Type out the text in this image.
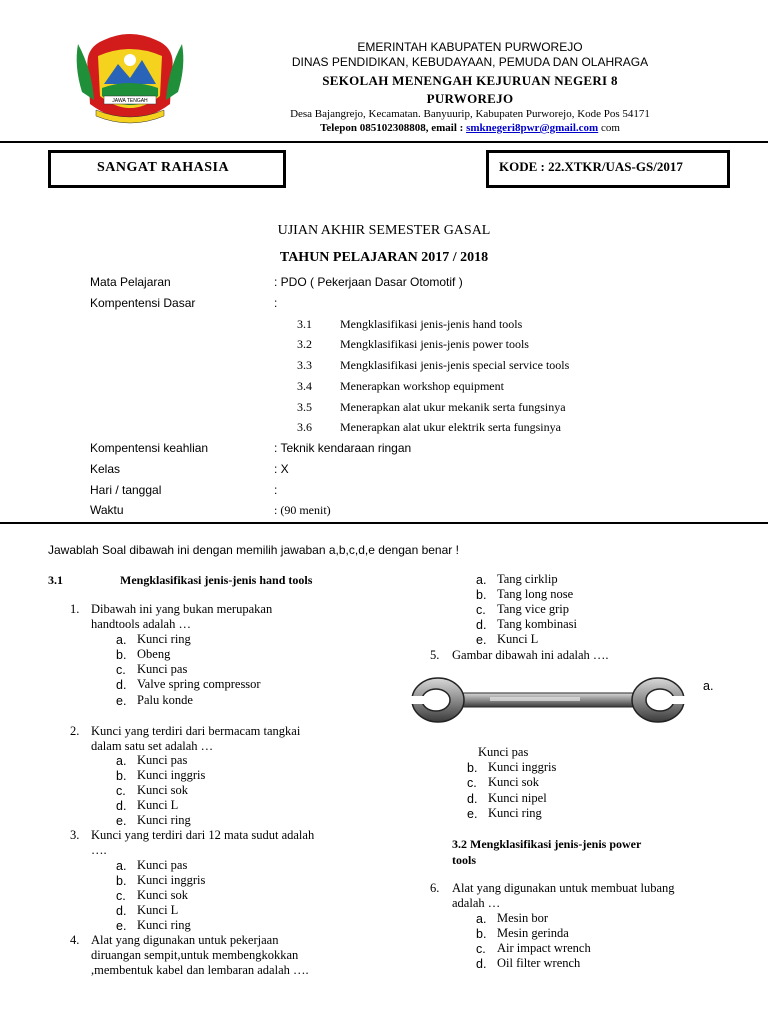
JAWA TENGAH
EMERINTAH KABUPATEN PURWOREJO
DINAS PENDIDIKAN, KEBUDAYAAN, PEMUDA DAN OLAHRAGA
SEKOLAH MENENGAH KEJURUAN NEGERI 8
PURWOREJO
Desa Bajangrejo, Kecamatan. Banyuurip, Kabupaten Purworejo, Kode Pos 54171
Telepon 085102308808, email : smknegeri8pwr@gmail.com com
SANGAT RAHASIA	KODE : 22.XTKR/UAS-GS/2017
UJIAN AKHIR SEMESTER GASAL
TAHUN PELAJARAN 2017 / 2018
Mata Pelajaran	: PDO ( Pekerjaan Dasar Otomotif )
Kompentensi Dasar	:
3.1 Mengklasifikasi jenis-jenis hand tools
3.2 Mengklasifikasi jenis-jenis power tools
3.3 Mengklasifikasi jenis-jenis special service tools
3.4 Menerapkan workshop equipment
3.5 Menerapkan alat ukur mekanik serta fungsinya
3.6 Menerapkan alat ukur elektrik serta fungsinya
Kompentensi keahlian	: Teknik kendaraan ringan
Kelas	: X
Hari / tanggal	:
Waktu	: (90 menit)
Jawablah Soal dibawah ini dengan memilih jawaban a,b,c,d,e dengan benar !
3.1	Mengklasifikasi jenis-jenis hand tools
1. Dibawah ini yang bukan merupakan
handtools adalah …
a. Kunci ring
b. Obeng
c. Kunci pas
d. Valve spring compressor
e. Palu konde
2. Kunci yang terdiri dari bermacam tangkai
dalam satu set adalah …
a. Kunci pas
b. Kunci inggris
c. Kunci sok
d. Kunci L
e. Kunci ring
3. Kunci yang terdiri dari 12 mata sudut adalah
….
a. Kunci pas
b. Kunci inggris
c. Kunci sok
d. Kunci L
e. Kunci ring
4. Alat yang digunakan untuk pekerjaan
diruangan sempit,untuk membengkokkan
,membentuk kabel dan lembaran adalah ….
a. Tang cirklip
b. Tang long nose
c. Tang vice grip
d. Tang kombinasi
e. Kunci L
5. Gambar dibawah ini adalah ….
a.
Kunci pas
b. Kunci inggris
c. Kunci sok
d. Kunci nipel
e. Kunci ring
3.2 Mengklasifikasi jenis-jenis power
tools
6. Alat yang digunakan untuk membuat lubang
adalah …
a. Mesin bor
b. Mesin gerinda
c. Air impact wrench
d. Oil filter wrench
